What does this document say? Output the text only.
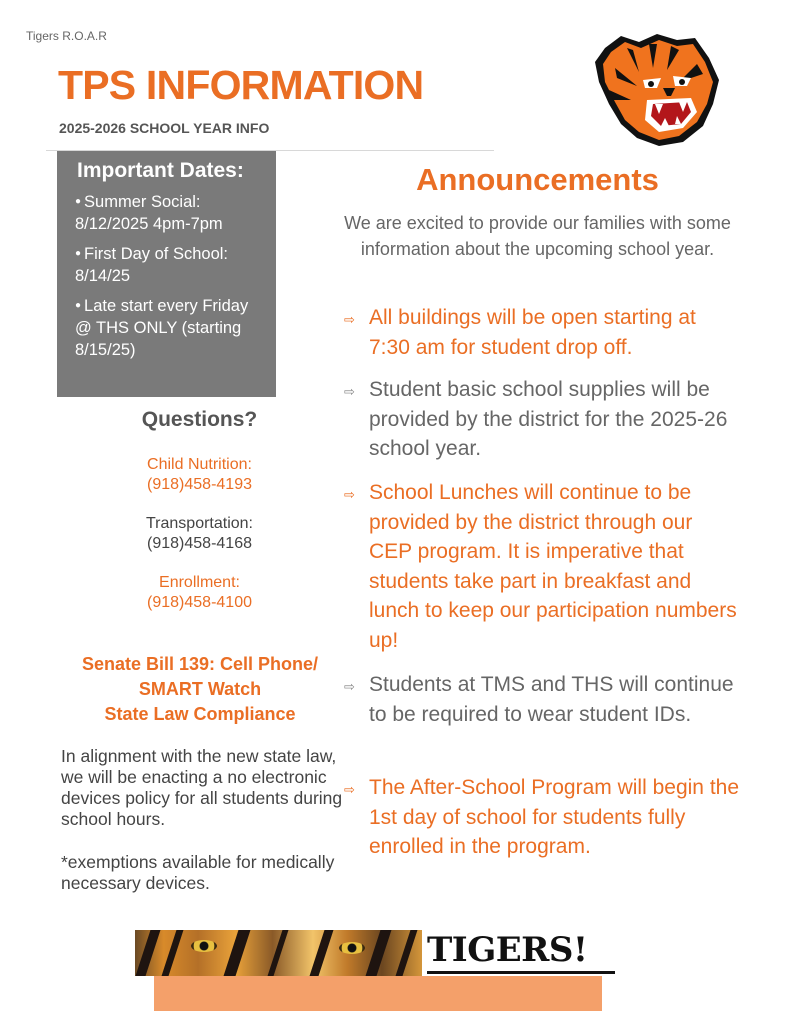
Tigers R.O.A.R
TPS INFORMATION
2025-2026 SCHOOL YEAR INFO
Important Dates:
● Summer Social: 8/12/2025 4pm-7pm
● First Day of School: 8/14/25
● Late start every Friday @ THS ONLY (starting 8/15/25)
Questions?
Child Nutrition:
(918)458-4193
Transportation:
(918)458-4168
Enrollment:
(918)458-4100
Senate Bill 139: Cell Phone/
SMART Watch
State Law Compliance
In alignment with the new state law, we will be enacting a no electronic devices policy for all students during school hours.
*exemptions available for medically necessary devices.
Announcements
We are excited to provide our families with some information about the upcoming school year.
⇨ All buildings will be open starting at 7:30 am for student drop off.
⇨ Student basic school supplies will be provided by the district for the 2025-26 school year.
⇨ School Lunches will continue to be provided by the district through our CEP program. It is imperative that students take part in breakfast and lunch to keep our participation numbers up!
⇨ Students at TMS and THS will continue to be required to wear student IDs.
⇨ The After-School Program will begin the 1st day of school for students fully enrolled in the program.
TIGERS!
